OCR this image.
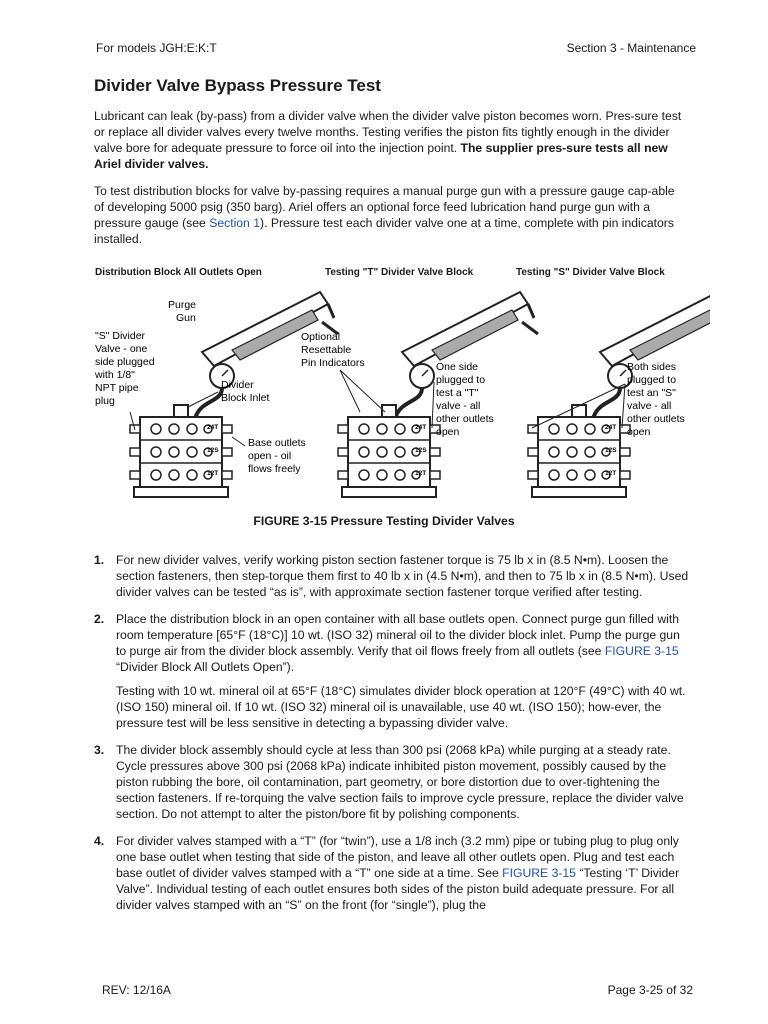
For models JGH:E:K:T	Section 3 - Maintenance
Divider Valve Bypass Pressure Test

Lubricant can leak (by-pass) from a divider valve when the divider valve piston becomes worn. Pres-sure test or replace all divider valves every twelve months. Testing verifies the piston fits tightly enough in the divider valve bore for adequate pressure to force oil into the injection point. The supplier pres-sure tests all new Ariel divider valves.

To test distribution blocks for valve by-passing requires a manual purge gun with a pressure gauge cap-able of developing 5000 psig (350 barg). Ariel offers an optional force feed lubrication hand purge gun with a pressure gauge (see Section 1). Pressure test each divider valve one at a time, complete with pin indicators installed.

Distribution Block All Outlets Open	Testing "T" Divider Valve Block	Testing "S" Divider Valve Block
Purge
Gun
"S" Divider Valve - one side plugged with 1/8" NPT pipe plug
Divider Block Inlet
Base outlets open - oil flows freely
Optional Resettable Pin Indicators	One side plugged to test a "T" valve - all other outlets open
Both sides plugged to test an "S" valve - all other outlets open
24T
12S
12T
24T
12S
12T
24T
12S
12T
FIGURE 3-15 Pressure Testing Divider Valves
1. For new divider valves, verify working piston section fastener torque is 75 lb x in (8.5 N•m). Loosen the section fasteners, then step-torque them first to 40 lb x in (4.5 N•m), and then to 75 lb x in (8.5 N•m). Used divider valves can be tested “as is”, with approximate section fastener torque verified after testing.
2. Place the distribution block in an open container with all base outlets open. Connect purge gun filled with room temperature [65°F (18°C)] 10 wt. (ISO 32) mineral oil to the divider block inlet. Pump the purge gun to purge air from the divider block assembly. Verify that oil flows freely from all outlets (see FIGURE 3-15 “Divider Block All Outlets Open”).
Testing with 10 wt. mineral oil at 65°F (18°C) simulates divider block operation at 120°F (49°C) with 40 wt. (ISO 150) mineral oil. If 10 wt. (ISO 32) mineral oil is unavailable, use 40 wt. (ISO 150); how-ever, the pressure test will be less sensitive in detecting a bypassing divider valve.
3. The divider block assembly should cycle at less than 300 psi (2068 kPa) while purging at a steady rate. Cycle pressures above 300 psi (2068 kPa) indicate inhibited piston movement, possibly caused by the piston rubbing the bore, oil contamination, part geometry, or bore distortion due to over-tightening the section fasteners. If re-torquing the valve section fails to improve cycle pressure, replace the divider valve section. Do not attempt to alter the piston/bore fit by polishing components.
4. For divider valves stamped with a “T” (for “twin”), use a 1/8 inch (3.2 mm) pipe or tubing plug to plug only one base outlet when testing that side of the piston, and leave all other outlets open. Plug and test each base outlet of divider valves stamped with a “T” one side at a time. See FIGURE 3-15 “Testing ‘T’ Divider Valve”. Individual testing of each outlet ensures both sides of the piston build adequate pressure. For all divider valves stamped with an “S” on the front (for “single”), plug the
REV: 12/16A	Page 3-25 of 32
